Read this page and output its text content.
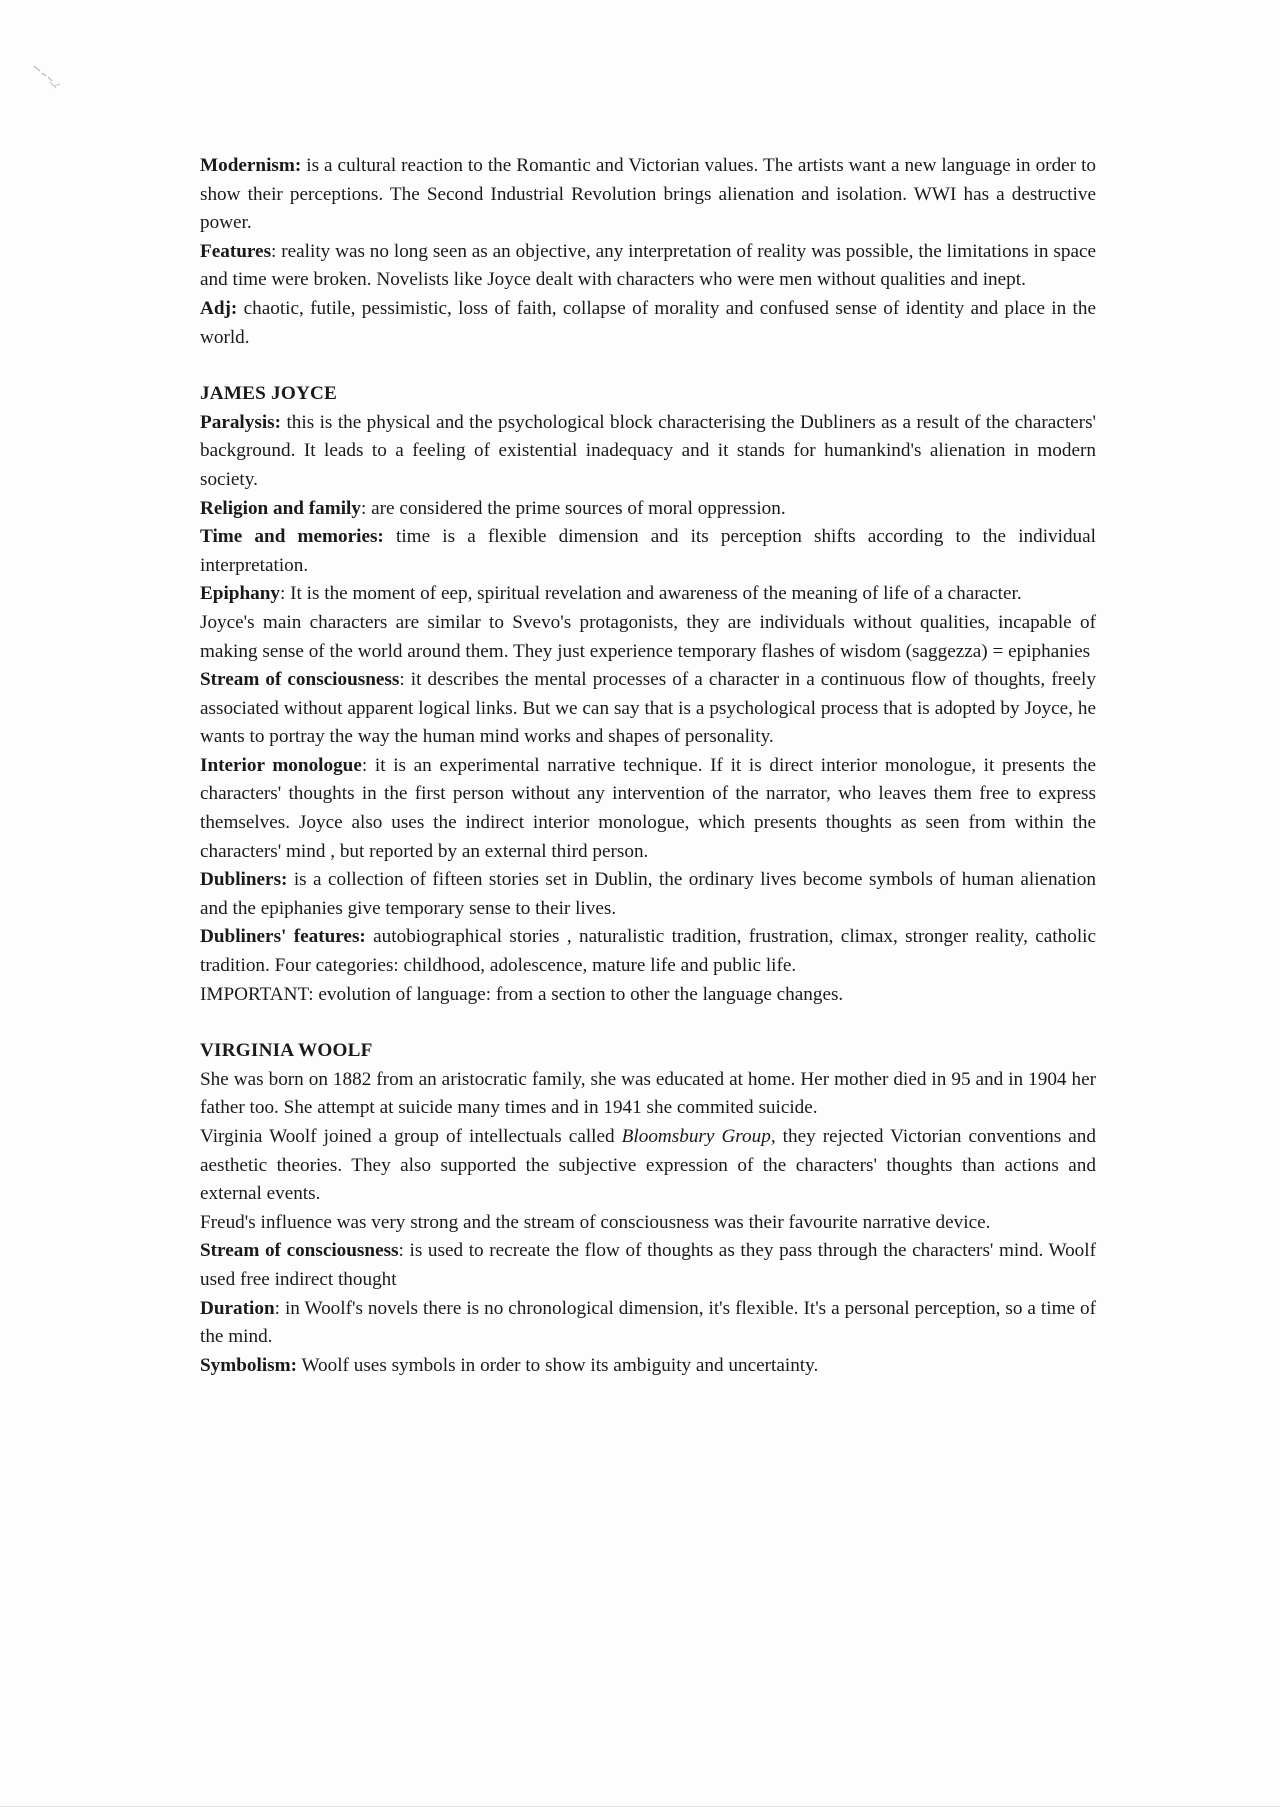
Modernism: is a cultural reaction to the Romantic and Victorian values. The artists want a new language in order to show their perceptions. The Second Industrial Revolution brings alienation and isolation. WWI has a destructive power.

Features: reality was no long seen as an objective, any interpretation of reality was possible, the limitations in space and time were broken. Novelists like Joyce dealt with characters who were men without qualities and inept.

Adj: chaotic, futile, pessimistic, loss of faith, collapse of morality and confused sense of identity and place in the world.

JAMES JOYCE

Paralysis: this is the physical and the psychological block characterising the Dubliners as a result of the characters' background. It leads to a feeling of existential inadequacy and it stands for humankind's alienation in modern society.

Religion and family: are considered the prime sources of moral oppression.

Time and memories: time is a flexible dimension and its perception shifts according to the individual interpretation.

Epiphany: It is the moment of eep, spiritual revelation and awareness of the meaning of life of a character.

Joyce's main characters are similar to Svevo's protagonists, they are individuals without qualities, incapable of making sense of the world around them. They just experience temporary flashes of wisdom (saggezza) = epiphanies

Stream of consciousness: it describes the mental processes of a character in a continuous flow of thoughts, freely associated without apparent logical links. But we can say that is a psychological process that is adopted by Joyce, he wants to portray the way the human mind works and shapes of personality.

Interior monologue: it is an experimental narrative technique. If it is direct interior monologue, it presents the characters' thoughts in the first person without any intervention of the narrator, who leaves them free to express themselves. Joyce also uses the indirect interior monologue, which presents thoughts as seen from within the characters' mind , but reported by an external third person.

Dubliners: is a collection of fifteen stories set in Dublin, the ordinary lives become symbols of human alienation and the epiphanies give temporary sense to their lives.

Dubliners' features: autobiographical stories , naturalistic tradition, frustration, climax, stronger reality, catholic tradition. Four categories: childhood, adolescence, mature life and public life.

IMPORTANT: evolution of language: from a section to other the language changes.

VIRGINIA WOOLF

She was born on 1882 from an aristocratic family, she was educated at home. Her mother died in 95 and in 1904 her father too. She attempt at suicide many times and in 1941 she commited suicide.

Virginia Woolf joined a group of intellectuals called Bloomsbury Group, they rejected Victorian conventions and aesthetic theories. They also supported the subjective expression of the characters' thoughts than actions and external events.

Freud's influence was very strong and the stream of consciousness was their favourite narrative device.

Stream of consciousness: is used to recreate the flow of thoughts as they pass through the characters' mind. Woolf used free indirect thought

Duration: in Woolf's novels there is no chronological dimension, it's flexible. It's a personal perception, so a time of the mind.

Symbolism: Woolf uses symbols in order to show its ambiguity and uncertainty.
